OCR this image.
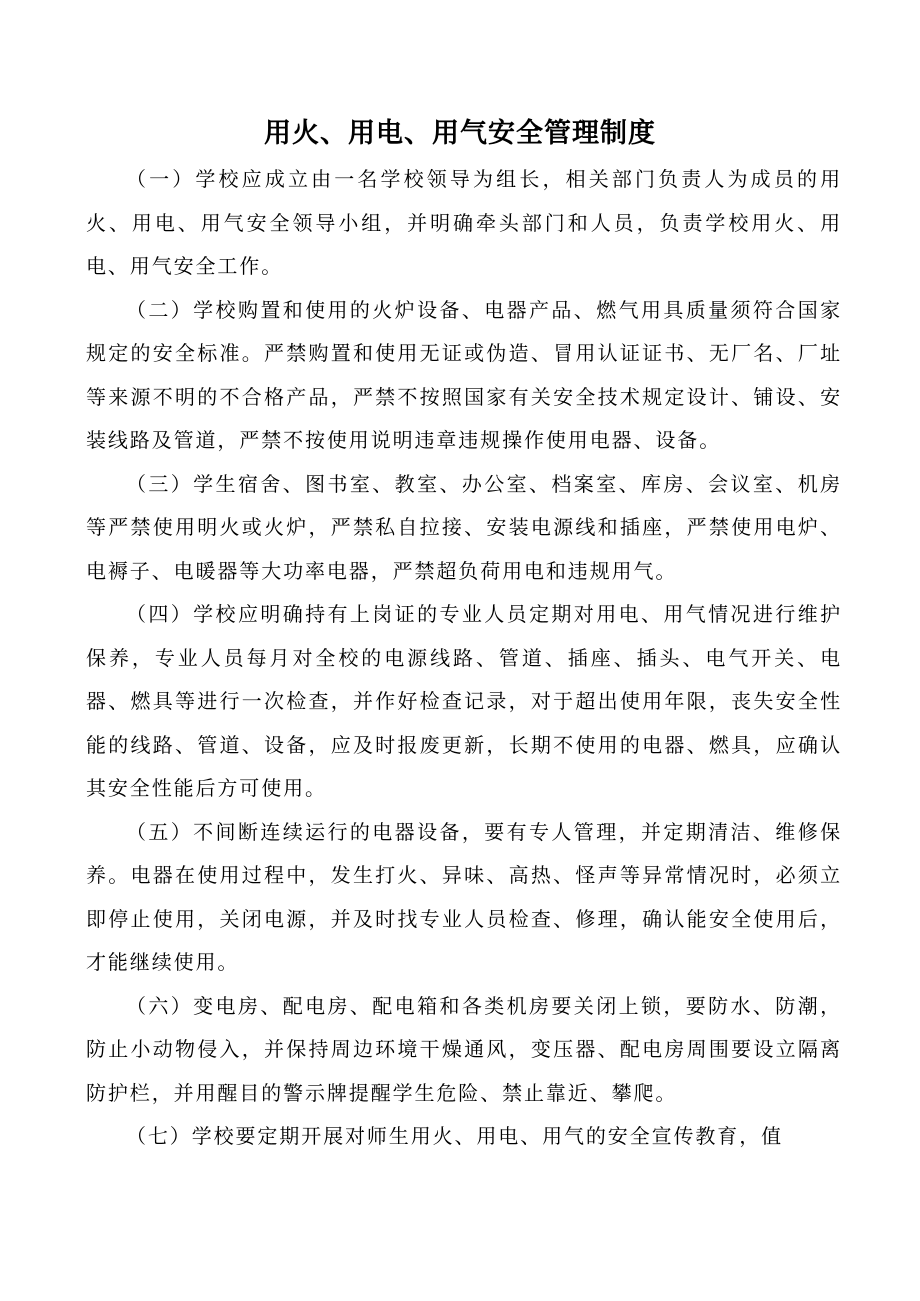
用火、用电、用气安全管理制度

（一）学校应成立由一名学校领导为组长，相关部门负责人为成员的用火、用电、用气安全领导小组，并明确牵头部门和人员，负责学校用火、用电、用气安全工作。

（二）学校购置和使用的火炉设备、电器产品、燃气用具质量须符合国家规定的安全标准。严禁购置和使用无证或伪造、冒用认证证书、无厂名、厂址等来源不明的不合格产品，严禁不按照国家有关安全技术规定设计、铺设、安装线路及管道，严禁不按使用说明违章违规操作使用电器、设备。

（三）学生宿舍、图书室、教室、办公室、档案室、库房、会议室、机房等严禁使用明火或火炉，严禁私自拉接、安装电源线和插座，严禁使用电炉、电褥子、电暖器等大功率电器，严禁超负荷用电和违规用气。

（四）学校应明确持有上岗证的专业人员定期对用电、用气情况进行维护保养，专业人员每月对全校的电源线路、管道、插座、插头、电气开关、电器、燃具等进行一次检查，并作好检查记录，对于超出使用年限，丧失安全性能的线路、管道、设备，应及时报废更新，长期不使用的电器、燃具，应确认其安全性能后方可使用。

（五）不间断连续运行的电器设备，要有专人管理，并定期清洁、维修保养。电器在使用过程中，发生打火、异味、高热、怪声等异常情况时，必须立即停止使用，关闭电源，并及时找专业人员检查、修理，确认能安全使用后，才能继续使用。

（六）变电房、配电房、配电箱和各类机房要关闭上锁，要防水、防潮，防止小动物侵入，并保持周边环境干燥通风，变压器、配电房周围要设立隔离防护栏，并用醒目的警示牌提醒学生危险、禁止靠近、攀爬。

（七）学校要定期开展对师生用火、用电、用气的安全宣传教育，值
